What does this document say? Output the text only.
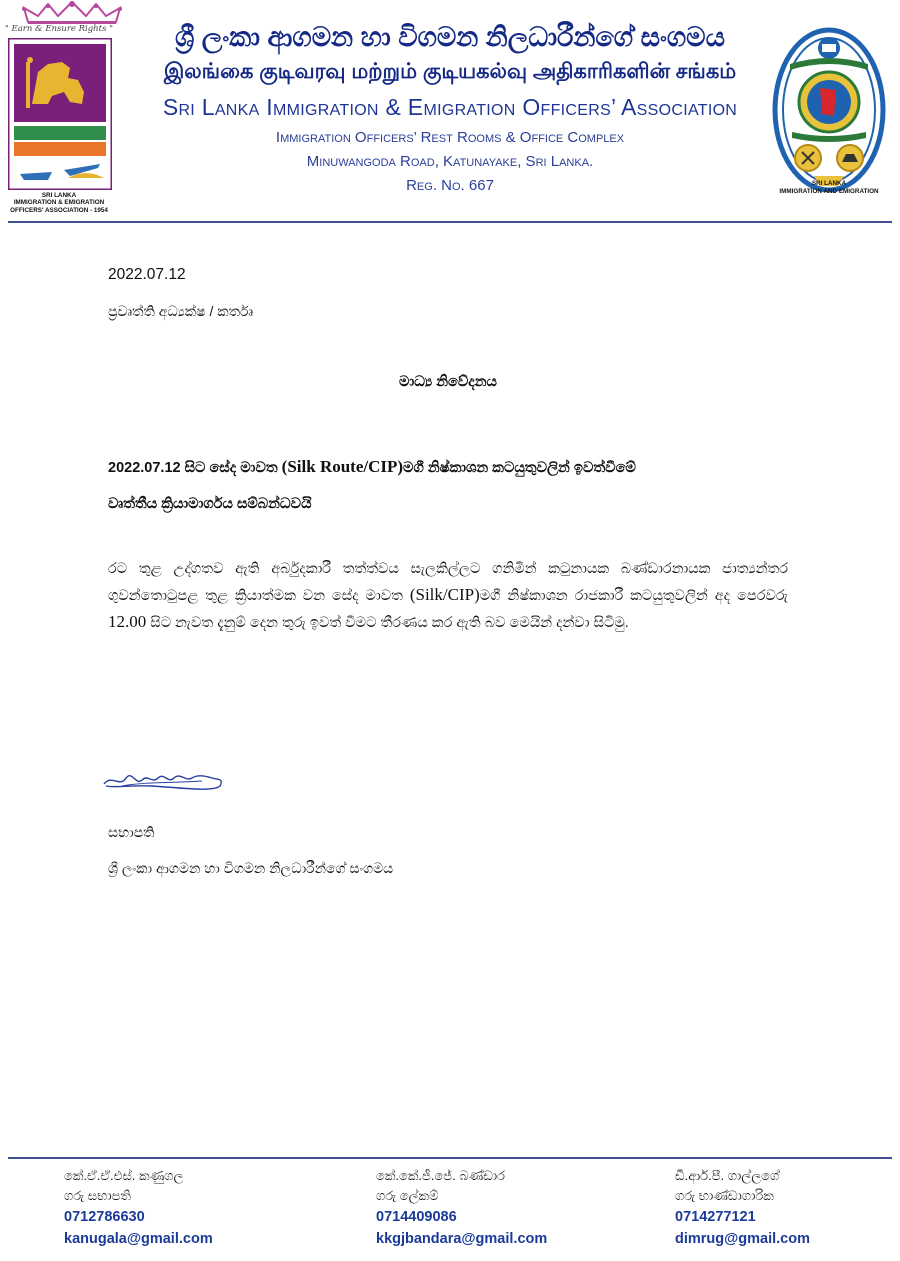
" Earn & Ensure Rights "
SRI LANKA
IMMIGRATION & EMIGRATION
OFFICERS' ASSOCIATION - 1954
ශ්‍රී ලංකා ආගමන හා විගමන නිලධාරීන්ගේ සංගමය
இலங்கை குடிவரவு மற்றும் குடியகல்வு அதிகாரிகளின் சங்கம்
Sri Lanka Immigration & Emigration Officers’ Association
Immigration Officers’ Rest Rooms & Office Complex
Minuwangoda Road, Katunayake, Sri Lanka.
Reg. No. 667	SRI LANKA
IMMIGRATION AND EMIGRATION
2022.07.12
ප්‍රවෘත්ති අධ්‍යක්ෂ / කර්තෘ
මාධ්‍ය නිවේදනය
2022.07.12 සිට සේද මාවත (Silk Route/CIP)මගී නිෂ්කාශන කටයුතුවලින් ඉවත්වීමේ
වෘත්තීය ක්‍රියාමාර්ගය සම්බන්ධවයි
රට තුළ උද්ගතව ඇති අර්බුදකාරී තත්ත්වය සැලකිල්ලට ගනිමින් කටුනායක බණ්ඩාරනායක ජාත්‍යන්තර ගුවන්තොටුපළ තුළ ක්‍රියාත්මක වන සේද මාවත (Silk/CIP)මගී නිෂ්කාශන රාජකාරී කටයුතුවලින් අද පෙරවරු 12.00 සිට නැවත දැනුම් දෙන තුරු ඉවත් වීමට තීරණය කර ඇති බව මෙයින් දන්වා සිටිමු.
සභාපති
ශ්‍රී ලංකා ආගමන හා විගමන නිලධාරීන්ගේ සංගමය
කේ.ඒ.ඒ.එස්. කණුගල
ගරු සභාපති
0712786630
kanugala@gmail.com
කේ.කේ.ජී.ජේ. බණ්ඩාර
ගරු ලේකම්
0714409086
kkgjbandara@gmail.com
ඩී.ආර්.පී. ගාල්ලගේ
ගරු භාණ්ඩාගාරික
0714277121
dimrug@gmail.com
